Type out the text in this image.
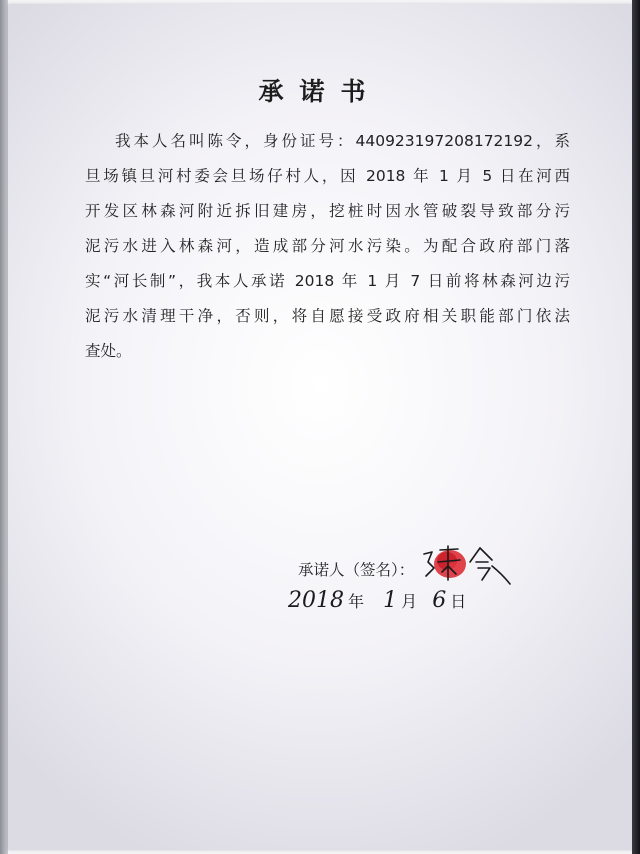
承诺书
我本人名叫陈令，身份证号：440923197208172192，系
旦场镇旦河村委会旦场仔村人，因 2018 年 1 月 5 日在河西
开发区林森河附近拆旧建房，挖桩时因水管破裂导致部分污
泥污水进入林森河，造成部分河水污染。为配合政府部门落
实“河长制”，我本人承诺 2018 年 1 月 7 日前将林森河边污
泥污水清理干净，否则，将自愿接受政府相关职能部门依法
查处。
承诺人（签名）：
2018 年 1 月 6 日
